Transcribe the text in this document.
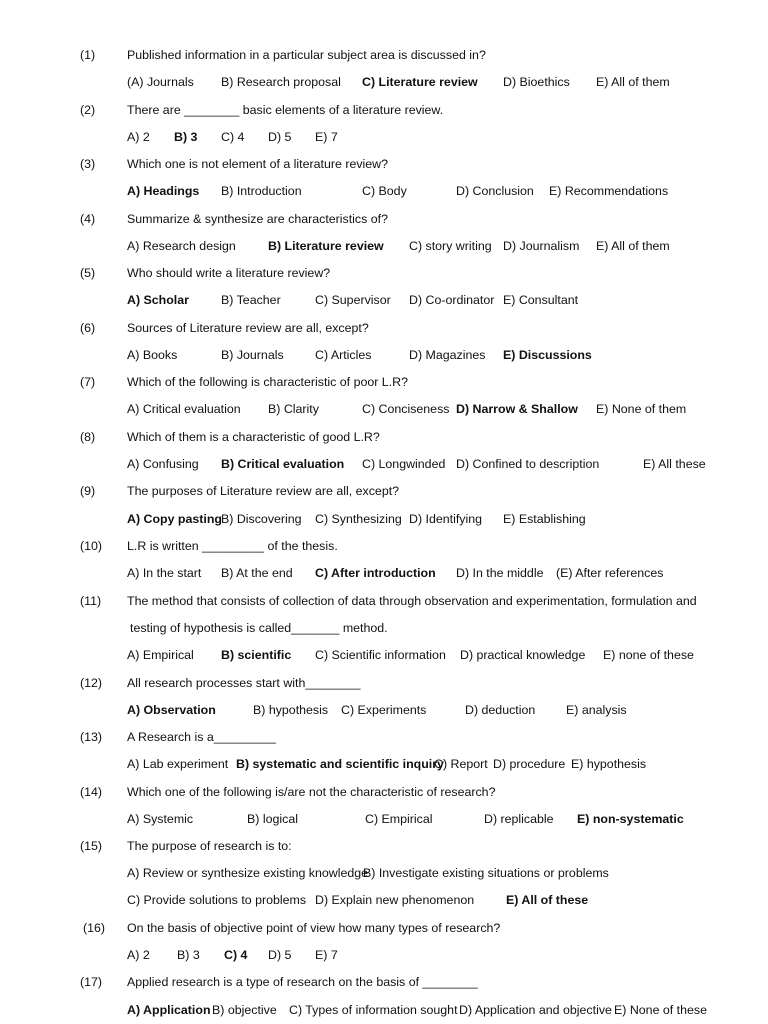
(1)	Published information in a particular subject area is discussed in?
(A) Journals B) Research proposal C) Literature review D) Bioethics E) All of them
(2)	There are ________ basic elements of a literature review.
A) 2 B) 3 C) 4 D) 5 E) 7
(3)	Which one is not element of a literature review?
A) Headings B) Introduction	C) Body	D) Conclusion E) Recommendations
(4)	Summarize & synthesize are characteristics of?
A) Research design	B) Literature review C) story writing D) Journalism E) All of them
(5)	Who should write a literature review?
A) Scholar	B) Teacher	C) Supervisor D) Co-ordinator E) Consultant
(6)	Sources of Literature review are all, except?
A) Books	B) Journals	C) Articles	D) Magazines E) Discussions
(7)	Which of the following is characteristic of poor L.R?
A) Critical evaluation B) Clarity	C) Conciseness D) Narrow & Shallow E) None of them
(8)	Which of them is a characteristic of good L.R?
A) Confusing B) Critical evaluation C) Longwinded D) Confined to description	E) All these
(9)	The purposes of Literature review are all, except?
A) Copy pasting B) Discovering C) Synthesizing D) Identifying E) Establishing
(10) L.R is written _________ of the thesis.
A) In the start B) At the end C) After introduction D) In the middle (E) After references
(11) The method that consists of collection of data through observation and experimentation, formulation and
testing of hypothesis is called_______ method.
A) Empirical B) scientific C) Scientific information D) practical knowledge E) none of these
(12) All research processes start with________
A) Observation	B) hypothesis C) Experiments	D) deduction E) analysis
(13) A Research is a_________
A) Lab experiment B) systematic and scientific inquiry
C) Report D) procedure E) hypothesis
(14) Which one of the following is/are not the characteristic of research?
A) Systemic	B) logical	C) Empirical	D) replicable E) non-systematic
(15) The purpose of research is to:
A) Review or synthesize existing knowledge
B) Investigate existing situations or problems
C) Provide solutions to problems D) Explain new phenomenon	E) All of these
(16) On the basis of objective point of view how many types of research?
A) 2 B) 3 C) 4 D) 5 E) 7
(17) Applied research is a type of research on the basis of ________
A) Application B) objective C) Types of information sought D) Application and objective E) None of these
